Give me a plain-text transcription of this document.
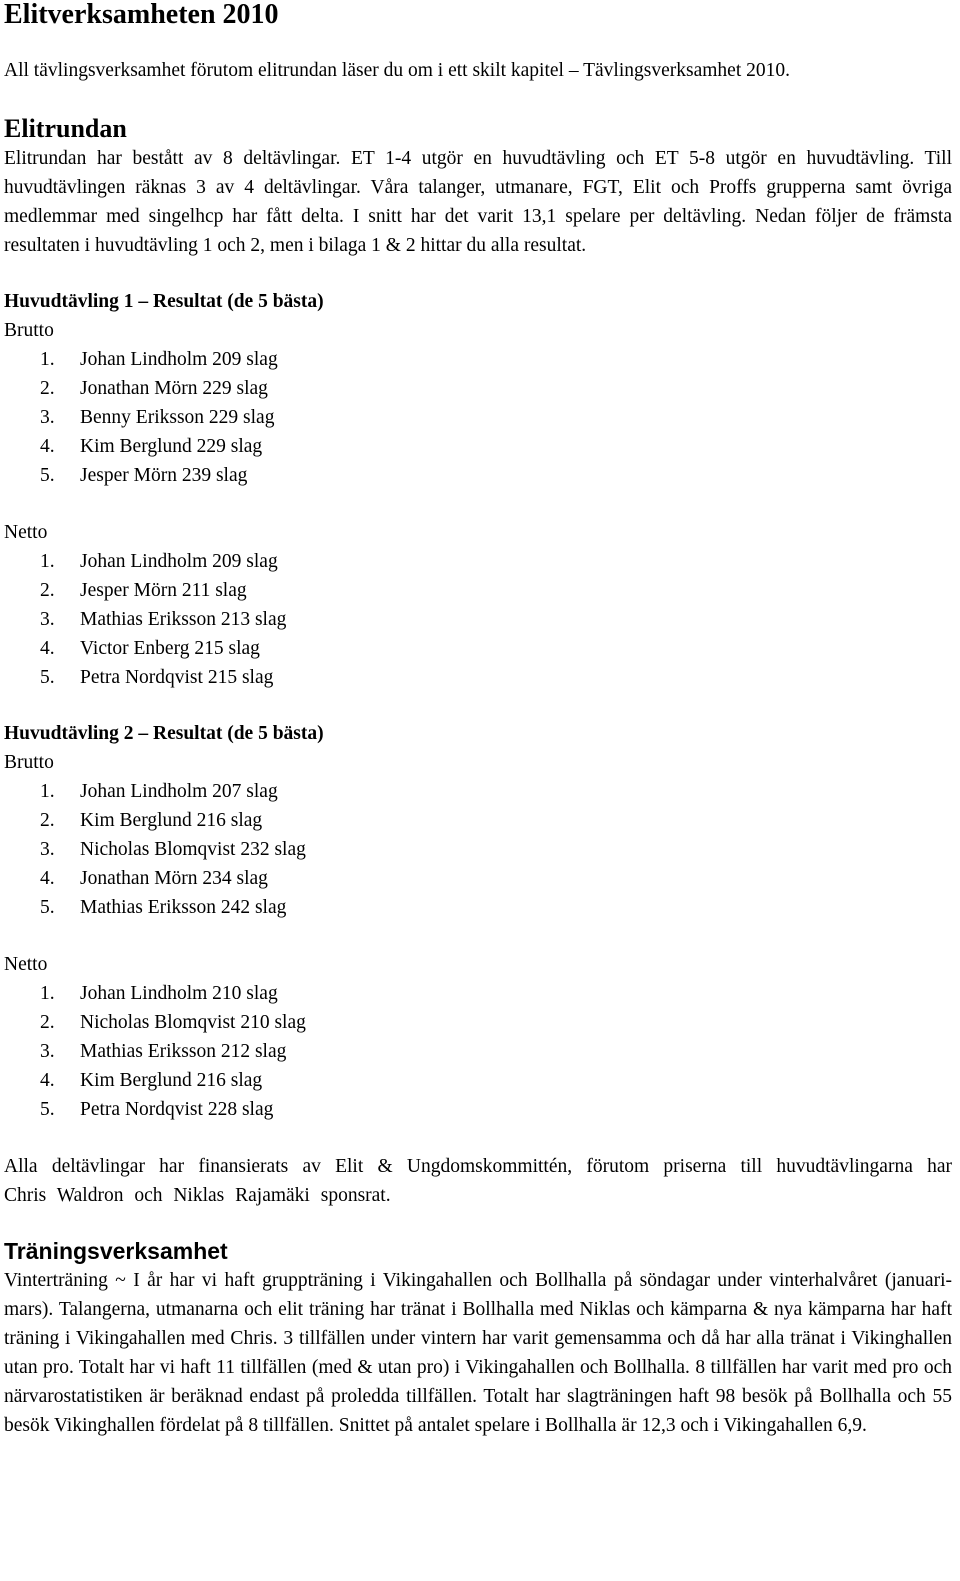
Elitverksamheten 2010

All tävlingsverksamhet förutom elitrundan läser du om i ett skilt kapitel – Tävlingsverksamhet 2010.

Elitrundan

Elitrundan har bestått av 8 deltävlingar. ET 1-4 utgör en huvudtävling och ET 5-8 utgör en huvudtävling. Till huvudtävlingen räknas 3 av 4 deltävlingar. Våra talanger, utmanare, FGT, Elit och Proffs grupperna samt övriga medlemmar med singelhcp har fått delta. I snitt har det varit 13,1 spelare per deltävling. Nedan följer de främsta resultaten i huvudtävling 1 och 2, men i bilaga 1 & 2 hittar du alla resultat.

Huvudtävling 1 – Resultat (de 5 bästa)
Brutto
1. Johan Lindholm 209 slag
2. Jonathan Mörn 229 slag
3. Benny Eriksson 229 slag
4. Kim Berglund 229 slag
5. Jesper Mörn 239 slag
Netto
1. Johan Lindholm 209 slag
2. Jesper Mörn 211 slag
3. Mathias Eriksson 213 slag
4. Victor Enberg 215 slag
5. Petra Nordqvist 215 slag
Huvudtävling 2 – Resultat (de 5 bästa)
Brutto
1. Johan Lindholm 207 slag
2. Kim Berglund 216 slag
3. Nicholas Blomqvist 232 slag
4. Jonathan Mörn 234 slag
5. Mathias Eriksson 242 slag
Netto
1. Johan Lindholm 210 slag
2. Nicholas Blomqvist 210 slag
3. Mathias Eriksson 212 slag
4. Kim Berglund 216 slag
5. Petra Nordqvist 228 slag

Alla deltävlingar har finansierats av Elit & Ungdomskommittén, förutom priserna till huvudtävlingarna har Chris Waldron och Niklas Rajamäki sponsrat.

Träningsverksamhet

Vinterträning ~ I år har vi haft gruppträning i Vikingahallen och Bollhalla på söndagar under vinterhalvåret (januari-mars). Talangerna, utmanarna och elit träning har tränat i Bollhalla med Niklas och kämparna & nya kämparna har haft träning i Vikingahallen med Chris. 3 tillfällen under vintern har varit gemensamma och då har alla tränat i Vikinghallen utan pro. Totalt har vi haft 11 tillfällen (med & utan pro) i Vikingahallen och Bollhalla. 8 tillfällen har varit med pro och närvarostatistiken är beräknad endast på proledda tillfällen. Totalt har slagträningen haft 98 besök på Bollhalla och 55 besök Vikinghallen fördelat på 8 tillfällen. Snittet på antalet spelare i Bollhalla är 12,3 och i Vikingahallen 6,9.
